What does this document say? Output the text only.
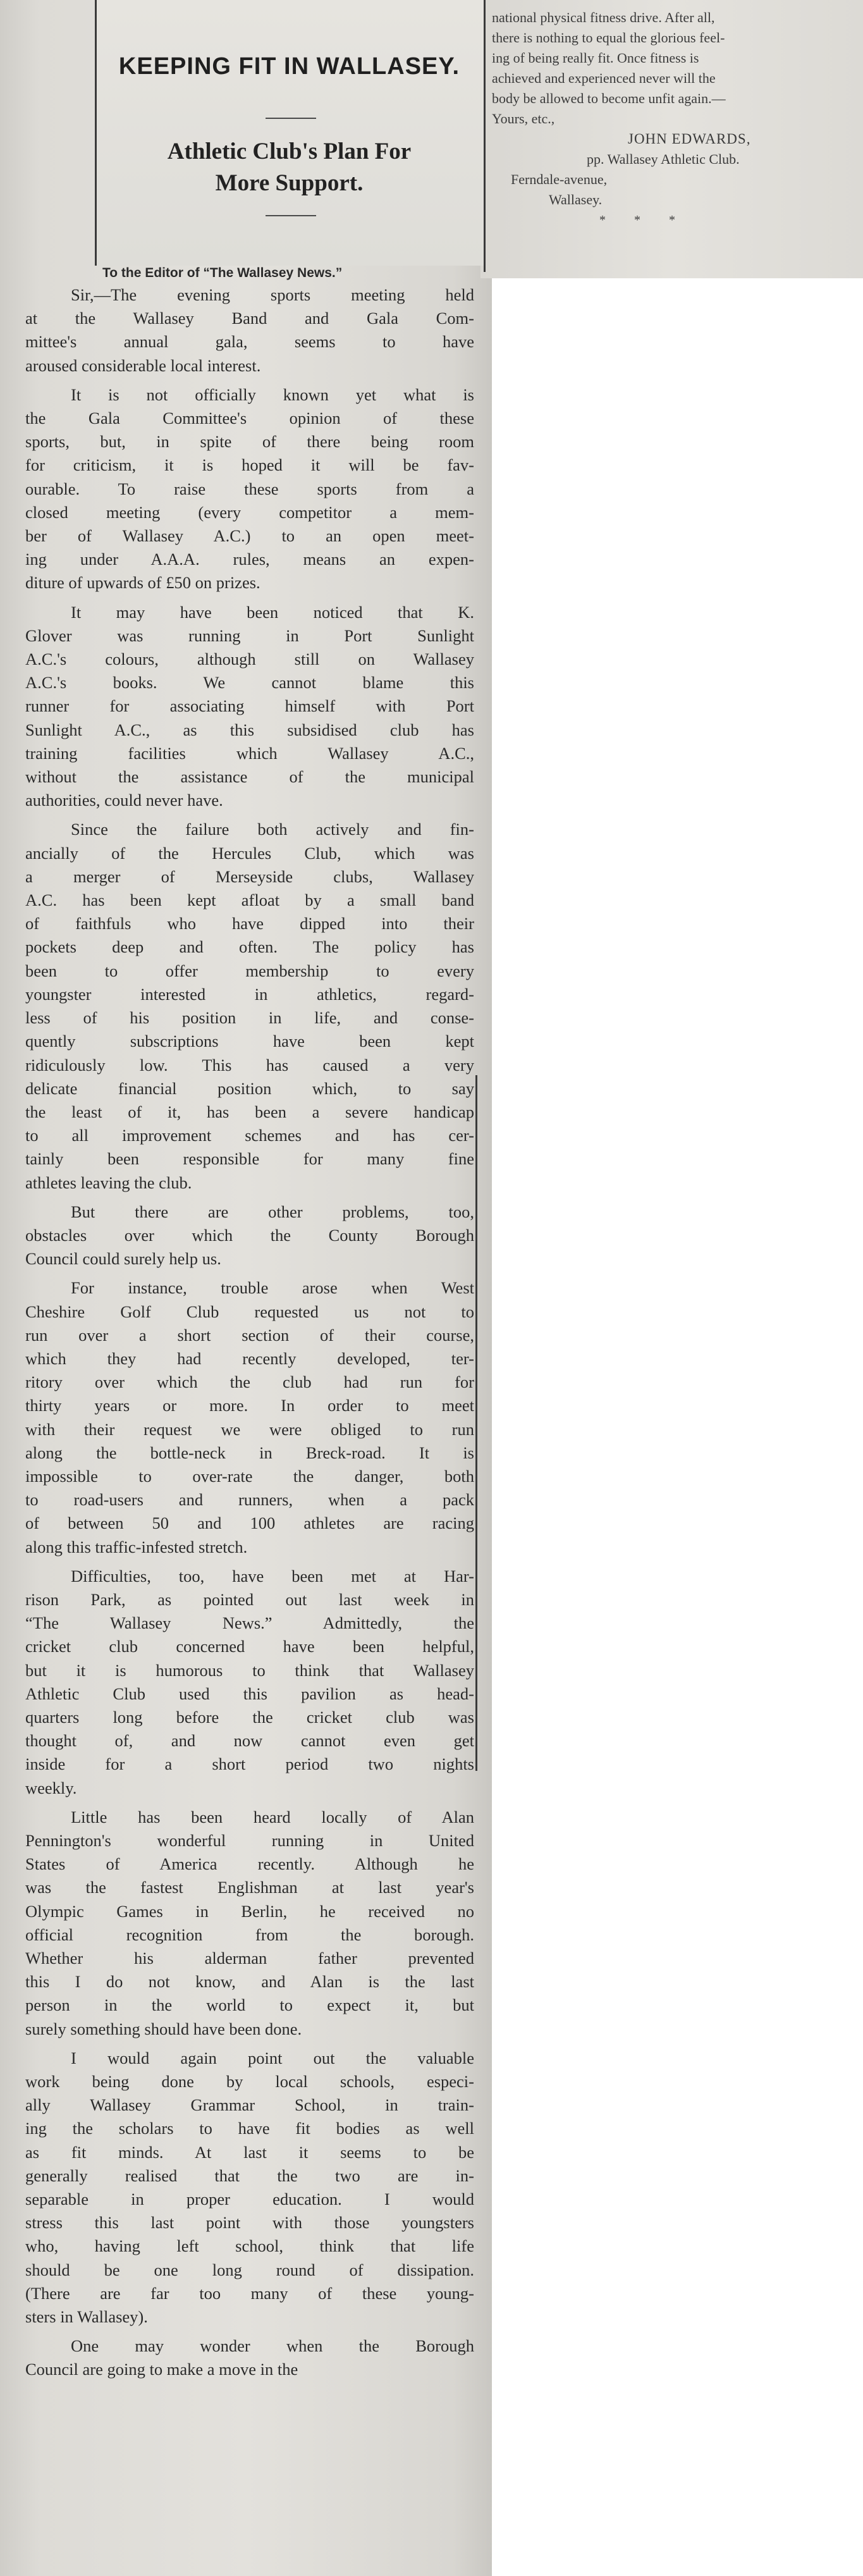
KEEPING FIT IN WALLASEY.
Athletic Club's Plan For
More Support.
national physical fitness drive. After all,
there is nothing to equal the glorious feel-
ing of being really fit. Once fitness is
achieved and experienced never will the
body be allowed to become unfit again.—
Yours, etc.,
JOHN EDWARDS,
pp. Wallasey Athletic Club.
Ferndale-avenue,
Wallasey.
* * *
To the Editor of “The Wallasey News.”
Sir,—The evening sports meeting held
at the Wallasey Band and Gala Com-
mittee's annual gala, seems to have
aroused considerable local interest.
It is not officially known yet what is
the Gala Committee's opinion of these
sports, but, in spite of there being room
for criticism, it is hoped it will be fav-
ourable. To raise these sports from a
closed meeting (every competitor a mem-
ber of Wallasey A.C.) to an open meet-
ing under A.A.A. rules, means an expen-
diture of upwards of £50 on prizes.
It may have been noticed that K.
Glover was running in Port Sunlight
A.C.'s colours, although still on Wallasey
A.C.'s books. We cannot blame this
runner for associating himself with Port
Sunlight A.C., as this subsidised club has
training facilities which Wallasey A.C.,
without the assistance of the municipal
authorities, could never have.
Since the failure both actively and fin-
ancially of the Hercules Club, which was
a merger of Merseyside clubs, Wallasey
A.C. has been kept afloat by a small band
of faithfuls who have dipped into their
pockets deep and often. The policy has
been to offer membership to every
youngster interested in athletics, regard-
less of his position in life, and conse-
quently subscriptions have been kept
ridiculously low. This has caused a very
delicate financial position which, to say
the least of it, has been a severe handicap
to all improvement schemes and has cer-
tainly been responsible for many fine
athletes leaving the club.
But there are other problems, too,
obstacles over which the County Borough
Council could surely help us.
For instance, trouble arose when West
Cheshire Golf Club requested us not to
run over a short section of their course,
which they had recently developed, ter-
ritory over which the club had run for
thirty years or more. In order to meet
with their request we were obliged to run
along the bottle-neck in Breck-road. It is
impossible to over-rate the danger, both
to road-users and runners, when a pack
of between 50 and 100 athletes are racing
along this traffic-infested stretch.
Difficulties, too, have been met at Har-
rison Park, as pointed out last week in
“The Wallasey News.” Admittedly, the
cricket club concerned have been helpful,
but it is humorous to think that Wallasey
Athletic Club used this pavilion as head-
quarters long before the cricket club was
thought of, and now cannot even get
inside for a short period two nights
weekly.
Little has been heard locally of Alan
Pennington's wonderful running in United
States of America recently. Although he
was the fastest Englishman at last year's
Olympic Games in Berlin, he received no
official recognition from the borough.
Whether his alderman father prevented
this I do not know, and Alan is the last
person in the world to expect it, but
surely something should have been done.
I would again point out the valuable
work being done by local schools, especi-
ally Wallasey Grammar School, in train-
ing the scholars to have fit bodies as well
as fit minds. At last it seems to be
generally realised that the two are in-
separable in proper education. I would
stress this last point with those youngsters
who, having left school, think that life
should be one long round of dissipation.
(There are far too many of these young-
sters in Wallasey).
One may wonder when the Borough
Council are going to make a move in the
